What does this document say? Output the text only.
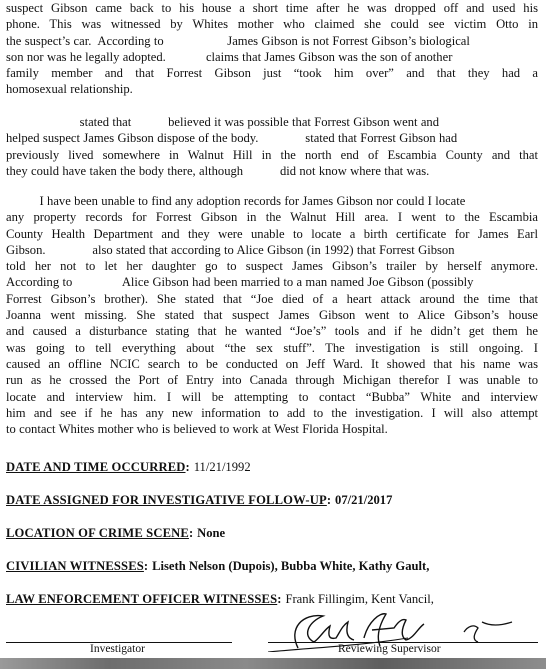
suspect Gibson came back to his house a short time after he was dropped off and used his
phone. This was witnessed by Whites mother who claimed she could see victim Otto in
the suspect’s car.  According to                   James Gibson is not Forrest Gibson’s biological
son nor was he legally adopted.            claims that James Gibson was the son of another
family member and that Forrest Gibson just “took him over” and that they had a
homosexual relationship.
stated that           believed it was possible that Forrest Gibson went and
helped suspect James Gibson dispose of the body.              stated that Forrest Gibson had
previously lived somewhere in Walnut Hill in the north end of Escambia County and that
they could have taken the body there, although           did not know where that was.
I have been unable to find any adoption records for James Gibson nor could I locate
any property records for Forrest Gibson in the Walnut Hill area. I went to the Escambia
County Health Department and they were unable to locate a birth certificate for James Earl
Gibson.              also stated that according to Alice Gibson (in 1992) that Forrest Gibson
told her not to let her daughter go to suspect James Gibson’s trailer by herself anymore.
According to               Alice Gibson had been married to a man named Joe Gibson (possibly
Forrest Gibson’s brother). She stated that “Joe died of a heart attack around the time that
Joanna went missing. She stated that suspect James Gibson went to Alice Gibson’s house
and caused a disturbance stating that he wanted “Joe’s” tools and if he didn’t get them he
was going to tell everything about “the sex stuff”. The investigation is still ongoing. I
caused an offline NCIC search to be conducted on Jeff Ward. It showed that his name was
run as he crossed the Port of Entry into Canada through Michigan therefor I was unable to
locate and interview him. I will be attempting to contact “Bubba” White and interview
him and see if he has any new information to add to the investigation. I will also attempt
to contact Whites mother who is believed to work at West Florida Hospital.
DATE AND TIME OCCURRED: 11/21/1992
DATE ASSIGNED FOR INVESTIGATIVE FOLLOW-UP: 07/21/2017
LOCATION OF CRIME SCENE: None
CIVILIAN WITNESSES: Liseth Nelson (Dupois), Bubba White, Kathy Gault,
LAW ENFORCEMENT OFFICER WITNESSES: Frank Fillingim, Kent Vancil,
Investigator	Reviewing Supervisor
